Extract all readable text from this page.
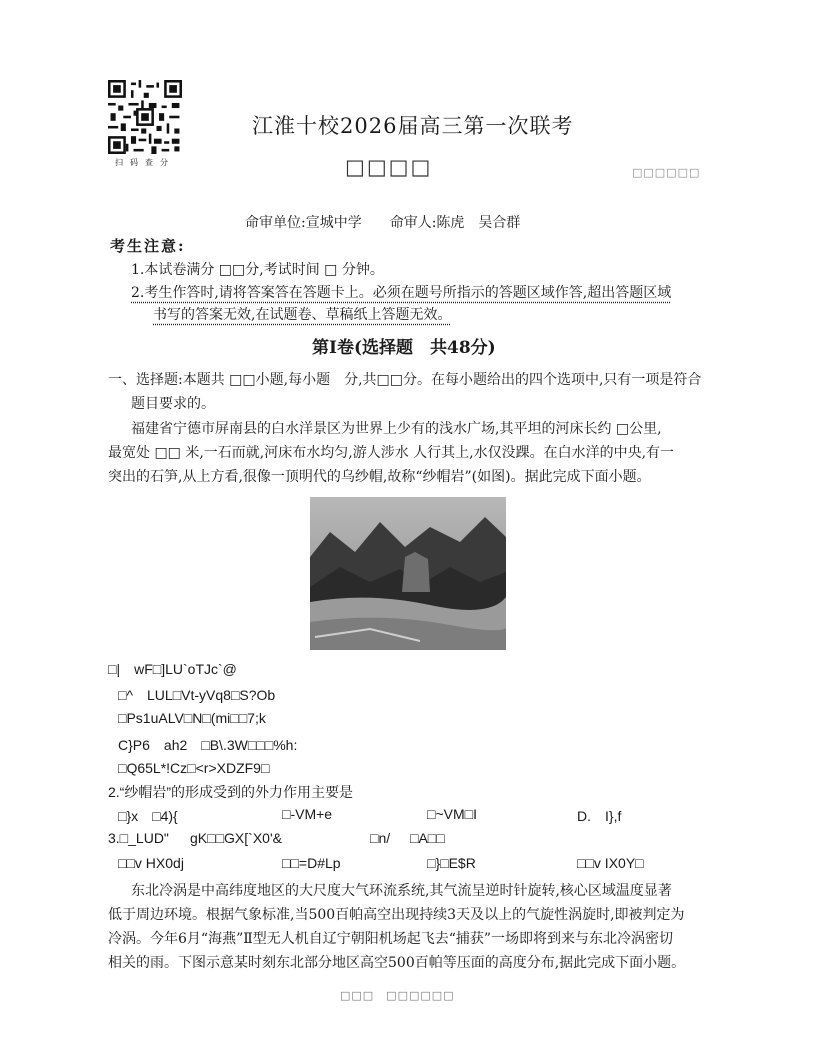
扫码查分
江淮十校2026届高三第一次联考
□□□□	□□□□□□
命审单位:宣城中学 命审人:陈虎　吴合群
考生注意:
1.本试卷满分 □□分,考试时间 □ 分钟。
2.考生作答时,请将答案答在答题卡上。必须在题号所指示的答题区域作答,超出答题区域
书写的答案无效,在试题卷、草稿纸上答题无效。
第Ⅰ卷(选择题　共48分)
一、选择题:本题共 □□小题,每小题　分,共□□分。在每小题给出的四个选项中,只有一项是符合
题目要求的。
福建省宁德市屏南县的白水洋景区为世界上少有的浅水广场,其平坦的河床长约 □公里,
最宽处 □□ 米,一石而就,河床布水均匀,游人涉水 人行其上,水仅没踝。在白水洋的中央,有一
突出的石笋,从上方看,很像一顶明代的乌纱帽,故称“纱帽岩”(如图)。据此完成下面小题。
□|　wF□]LU`oTJc`@
□^　LUL□Vt-yVq8□S?Ob
□Ps1uALV□N□(mi□□7;k
C}P6　ah2　□B\.3W□□□%h:
□Q65L*!Cz□<r>XDZF9□
2.“纱帽岩”的形成受到的外力作用主要是
□}x　□4){	□-VM+e	□~VM□I	D.　I},f
3.□_LUD" gK□□GX[`X0'&	□n/ □A□□
□□v HX0dj	□□=D#Lp	□}□E$R	□□v IX0Y□
东北冷涡是中高纬度地区的大尺度大气环流系统,其气流呈逆时针旋转,核心区域温度显著
低于周边环境。根据气象标准,当500百帕高空出现持续3天及以上的气旋性涡旋时,即被判定为
冷涡。今年6月“海燕”Ⅱ型无人机自辽宁朝阳机场起飞去“捕获”一场即将到来与东北冷涡密切
相关的雨。下图示意某时刻东北部分地区高空500百帕等压面的高度分布,据此完成下面小题。
□□□　□□□□□□
